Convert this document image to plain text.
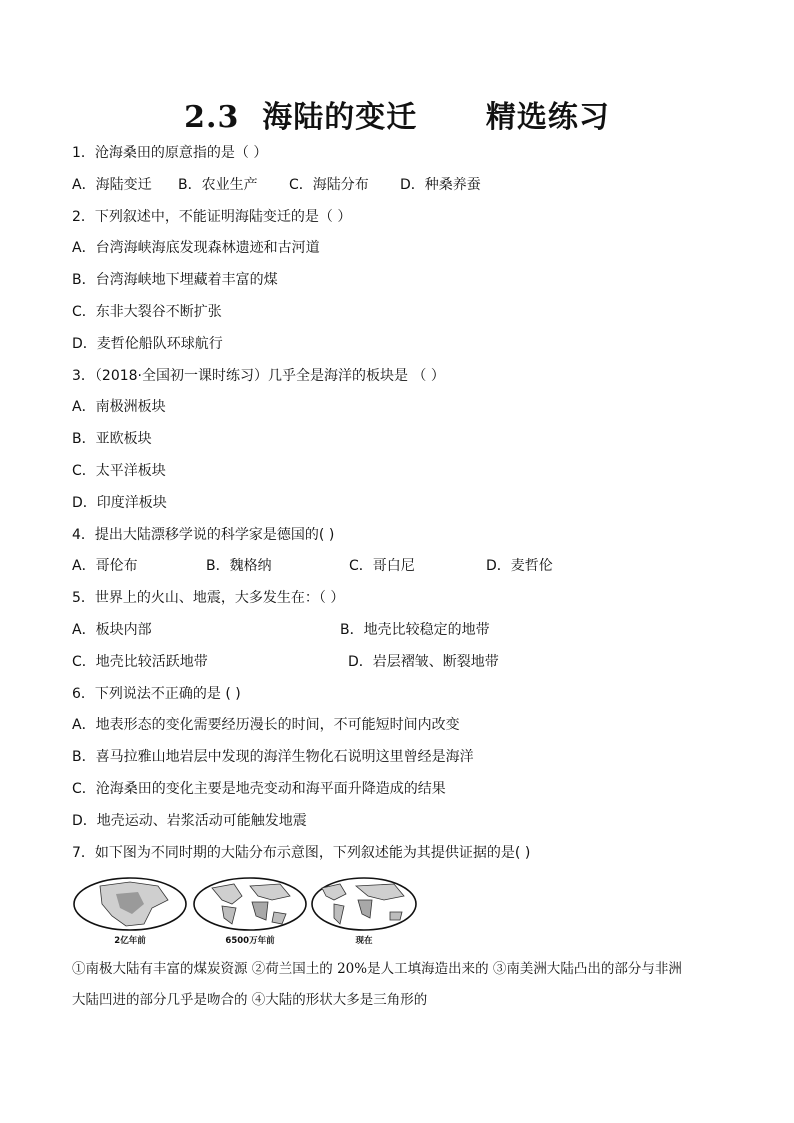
2.3  海陆的变迁      精选练习
1．沧海桑田的原意指的是（ ）
A．海陆变迁 B．农业生产 C．海陆分布 D．种桑养蚕
2．下列叙述中，不能证明海陆变迁的是（ ）
A．台湾海峡海底发现森林遗迹和古河道
B．台湾海峡地下埋藏着丰富的煤
C．东非大裂谷不断扩张
D．麦哲伦船队环球航行
3．（2018·全国初一课时练习）几乎全是海洋的板块是 （ ）
A．南极洲板块
B．亚欧板块
C．太平洋板块
D．印度洋板块
4．提出大陆漂移学说的科学家是德国的( )
A．哥伦布	B．魏格纳	C．哥白尼	D．麦哲伦
5．世界上的火山、地震，大多发生在：（ ）
A．板块内部	B．地壳比较稳定的地带
C．地壳比较活跃地带	D．岩层褶皱、断裂地带
6．下列说法不正确的是 ( )
A．地表形态的变化需要经历漫长的时间，不可能短时间内改变
B．喜马拉雅山地岩层中发现的海洋生物化石说明这里曾经是海洋
C．沧海桑田的变化主要是地壳变动和海平面升降造成的结果
D．地壳运动、岩浆活动可能触发地震
7．如下图为不同时期的大陆分布示意图，下列叙述能为其提供证据的是( )
2亿年前	6500万年前	现在
①南极大陆有丰富的煤炭资源 ②荷兰国土的 20%是人工填海造出来的 ③南美洲大陆凸出的部分与非洲
大陆凹进的部分几乎是吻合的 ④大陆的形状大多是三角形的
